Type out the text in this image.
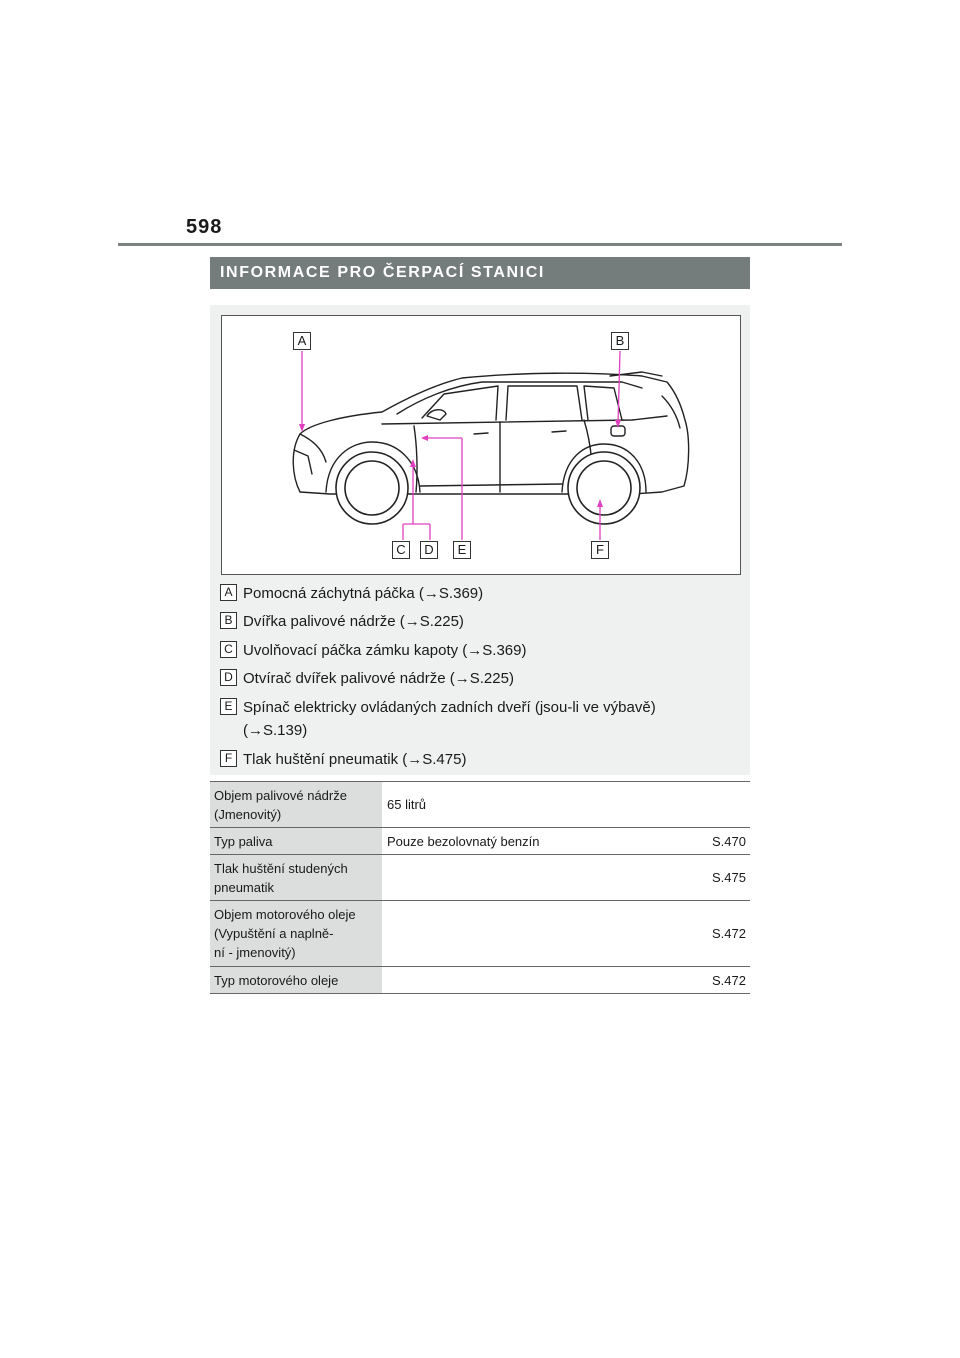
598
INFORMACE PRO ČERPACÍ STANICI
A	B
C	D	E	F
A Pomocná záchytná páčka (→S.369)
B Dvířka palivové nádrže (→S.225)
C Uvolňovací páčka zámku kapoty (→S.369)
D Otvírač dvířek palivové nádrže (→S.225)
E Spínač elektricky ovládaných zadních dveří (jsou-li ve výbavě)
(→S.139)
F Tlak huštění pneumatik (→S.475)
Objem palivové nádrže
(Jmenovitý)	65 litrů	

Typ paliva	Pouze bezolovnatý benzín	S.470

Tlak huštění studených
pneumatik		S.475

Objem motorového oleje
(Vypuštění a naplně-
ní - jmenovitý)		S.472

Typ motorového oleje		S.472
